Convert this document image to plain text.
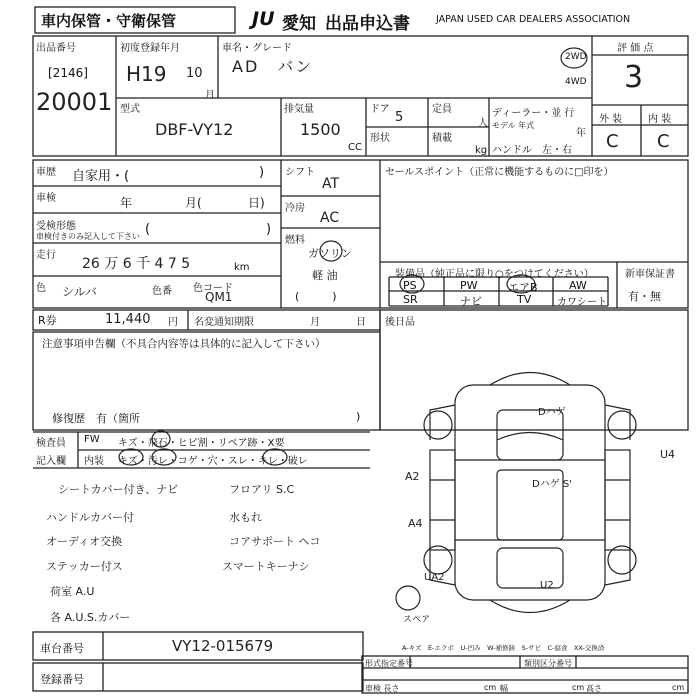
車内保管・守衛保管	JU 愛知 出品申込書	JAPAN USED CAR DEALERS ASSOCIATION
出品番号
[2146]
20001
初度登録年月
H19 10
月
車名・グレード
AD　バン	2WD
4WD
評 価 点
3
外 装	内 装
C C
型式
DBF-VY12
排気量
1500
CC
ドア
5
形状
定員
人
積載
kg
ディーラー・並 行
モデル 年式
年
ハンドル　左・右
車歴 自家用・(	)
車検	年	月(	日)
受検形態
車検付きのみ記入して下さい (	)
走行
26 万 6 千 4 7 5	km
色 シルバ	色番 色コード
QM1
シフト
AT
冷房
AC
燃料
ガソリン
軽 油
(　　　)
セールスポイント（正常に機能するものに□印を）
装備品（純正品に限り○をつけてください）
PS	PW	エアB	AW
SR	ナビ	TV	カワシート
新車保証書
有・無
R券	11,440 円 名変通知期限	月	日 後日品
注意事項申告欄（不具合内容等は具体的に記入して下さい）
修復歴　有（箇所	)
検査員
記入欄
FW キズ・飛石・ヒビ割・リペア跡・X要
内装 キズ・汚レ・コゲ・穴・スレ・キレ・破レ
シートカバー付き、ナビ
ハンドルカバー付
オーディオ交換
ステッカー付ス
荷室 A.U
各 A.U.S.カバー
フロアリ S.C
水もれ
コアサポート ヘコ
スマートキーナシ
Dハゲ
Dハゲ S'
U4
A2
A4
UA2
U2
スペア
A-キズ　E-エクボ　U-凹み　W-補修跡　S-サビ　C-腐食　XX-交換済
車台番号	VY12-015679
登録番号
形式指定番号	類別区分番号
車検 長さ	cm 幅	cm 高さ	cm
